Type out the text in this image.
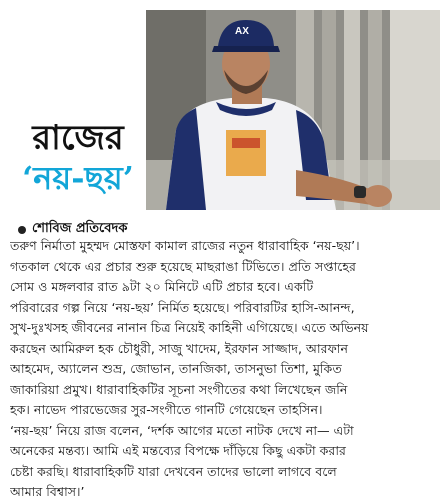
AX
রাজের
‘নয়-ছয়’
শোবিজ প্রতিবেদক
তরুণ নির্মাতা মুহম্মদ মোস্তফা কামাল রাজের নতুন ধারাবাহিক ‘নয়-ছয়’।
গতকাল থেকে এর প্রচার শুরু হয়েছে মাছরাঙা টিভিতে। প্রতি সপ্তাহের
সোম ও মঙ্গলবার রাত ৯টা ২০ মিনিটে এটি প্রচার হবে। একটি
পরিবারের গল্প নিয়ে ‘নয়-ছয়’ নির্মিত হয়েছে। পরিবারটির হাসি-আনন্দ,
সুখ-দুঃখসহ জীবনের নানান চিত্র নিয়েই কাহিনী এগিয়েছে। এতে অভিনয়
করছেন আমিরুল হক চৌধুরী, সাজু খাদেম, ইরফান সাজ্জাদ, আরফান
আহমেদ, অ্যালেন শুভ্র, জোভান, তানজিকা, তাসনুভা তিশা, মুকিত
জাকারিয়া প্রমুখ। ধারাবাহিকটির সূচনা সংগীতের কথা লিখেছেন জনি
হক। নাভেদ পারভেজের সুর-সংগীতে গানটি গেয়েছেন তাহসিন।
‘নয়-ছয়’ নিয়ে রাজ বলেন, ‘দর্শক আগের মতো নাটক দেখে না— এটা
অনেকের মন্তব্য। আমি এই মন্তব্যের বিপক্ষে দাঁড়িয়ে কিছু একটা করার
চেষ্টা করছি। ধারাবাহিকটি যারা দেখবেন তাদের ভালো লাগবে বলে
আমার বিশ্বাস।’
